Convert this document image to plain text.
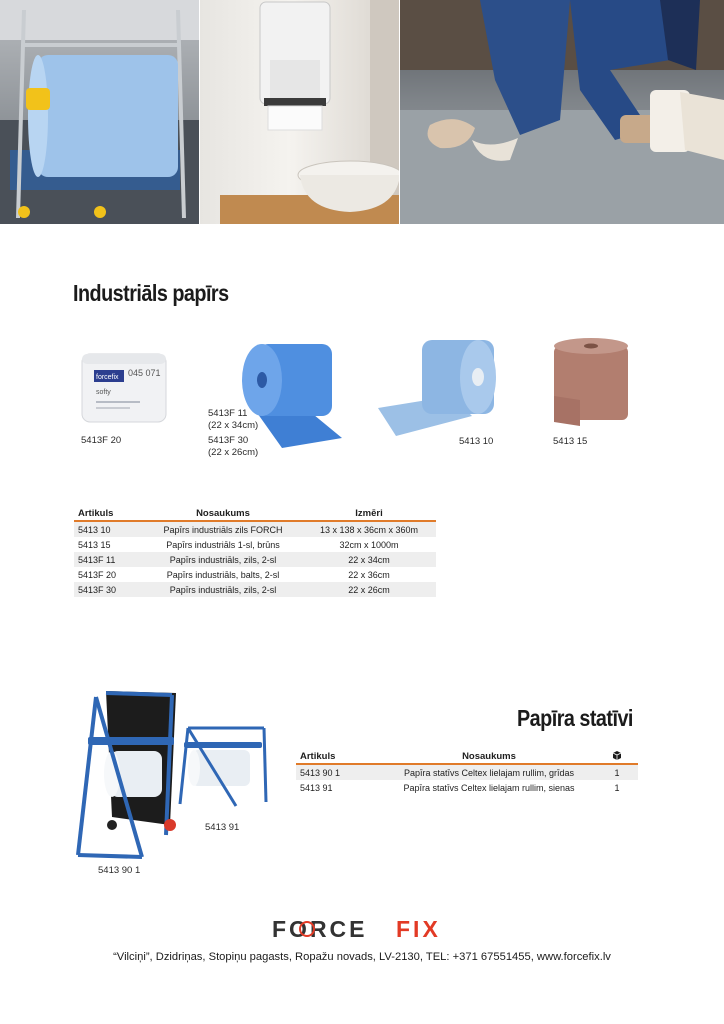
Industriāls papīrs
forcefix 045 071
softy
5413F 20
5413F 11
(22 x 34cm)
5413F 30
(22 x 26cm)
5413 10	5413 15
Artikuls	Nosaukums	Izmēri
5413 10	Papīrs industriāls zils FORCH	13 x 138 x 36cm x 360m
5413 15	Papīrs industriāls 1-sl, brūns	32cm x 1000m
5413F 11	Papīrs industriāls, zils, 2-sl	22 x 34cm
5413F 20	Papīrs industriāls, balts, 2-sl	22 x 36cm
5413F 30	Papīrs industriāls, zils, 2-sl	22 x 26cm
Papīra statīvi
5413 90 1
5413 91
Artikuls	Nosaukums	
5413 90 1	Papīra statīvs Celtex lielajam rullim, grīdas	1
5413 91	Papīra statīvs Celtex lielajam rullim, sienas	1
FORCE FIX
“Vilciņi”, Dzidriņas, Stopiņu pagasts, Ropažu novads, LV-2130, TEL: +371 67551455, www.forcefix.lv
